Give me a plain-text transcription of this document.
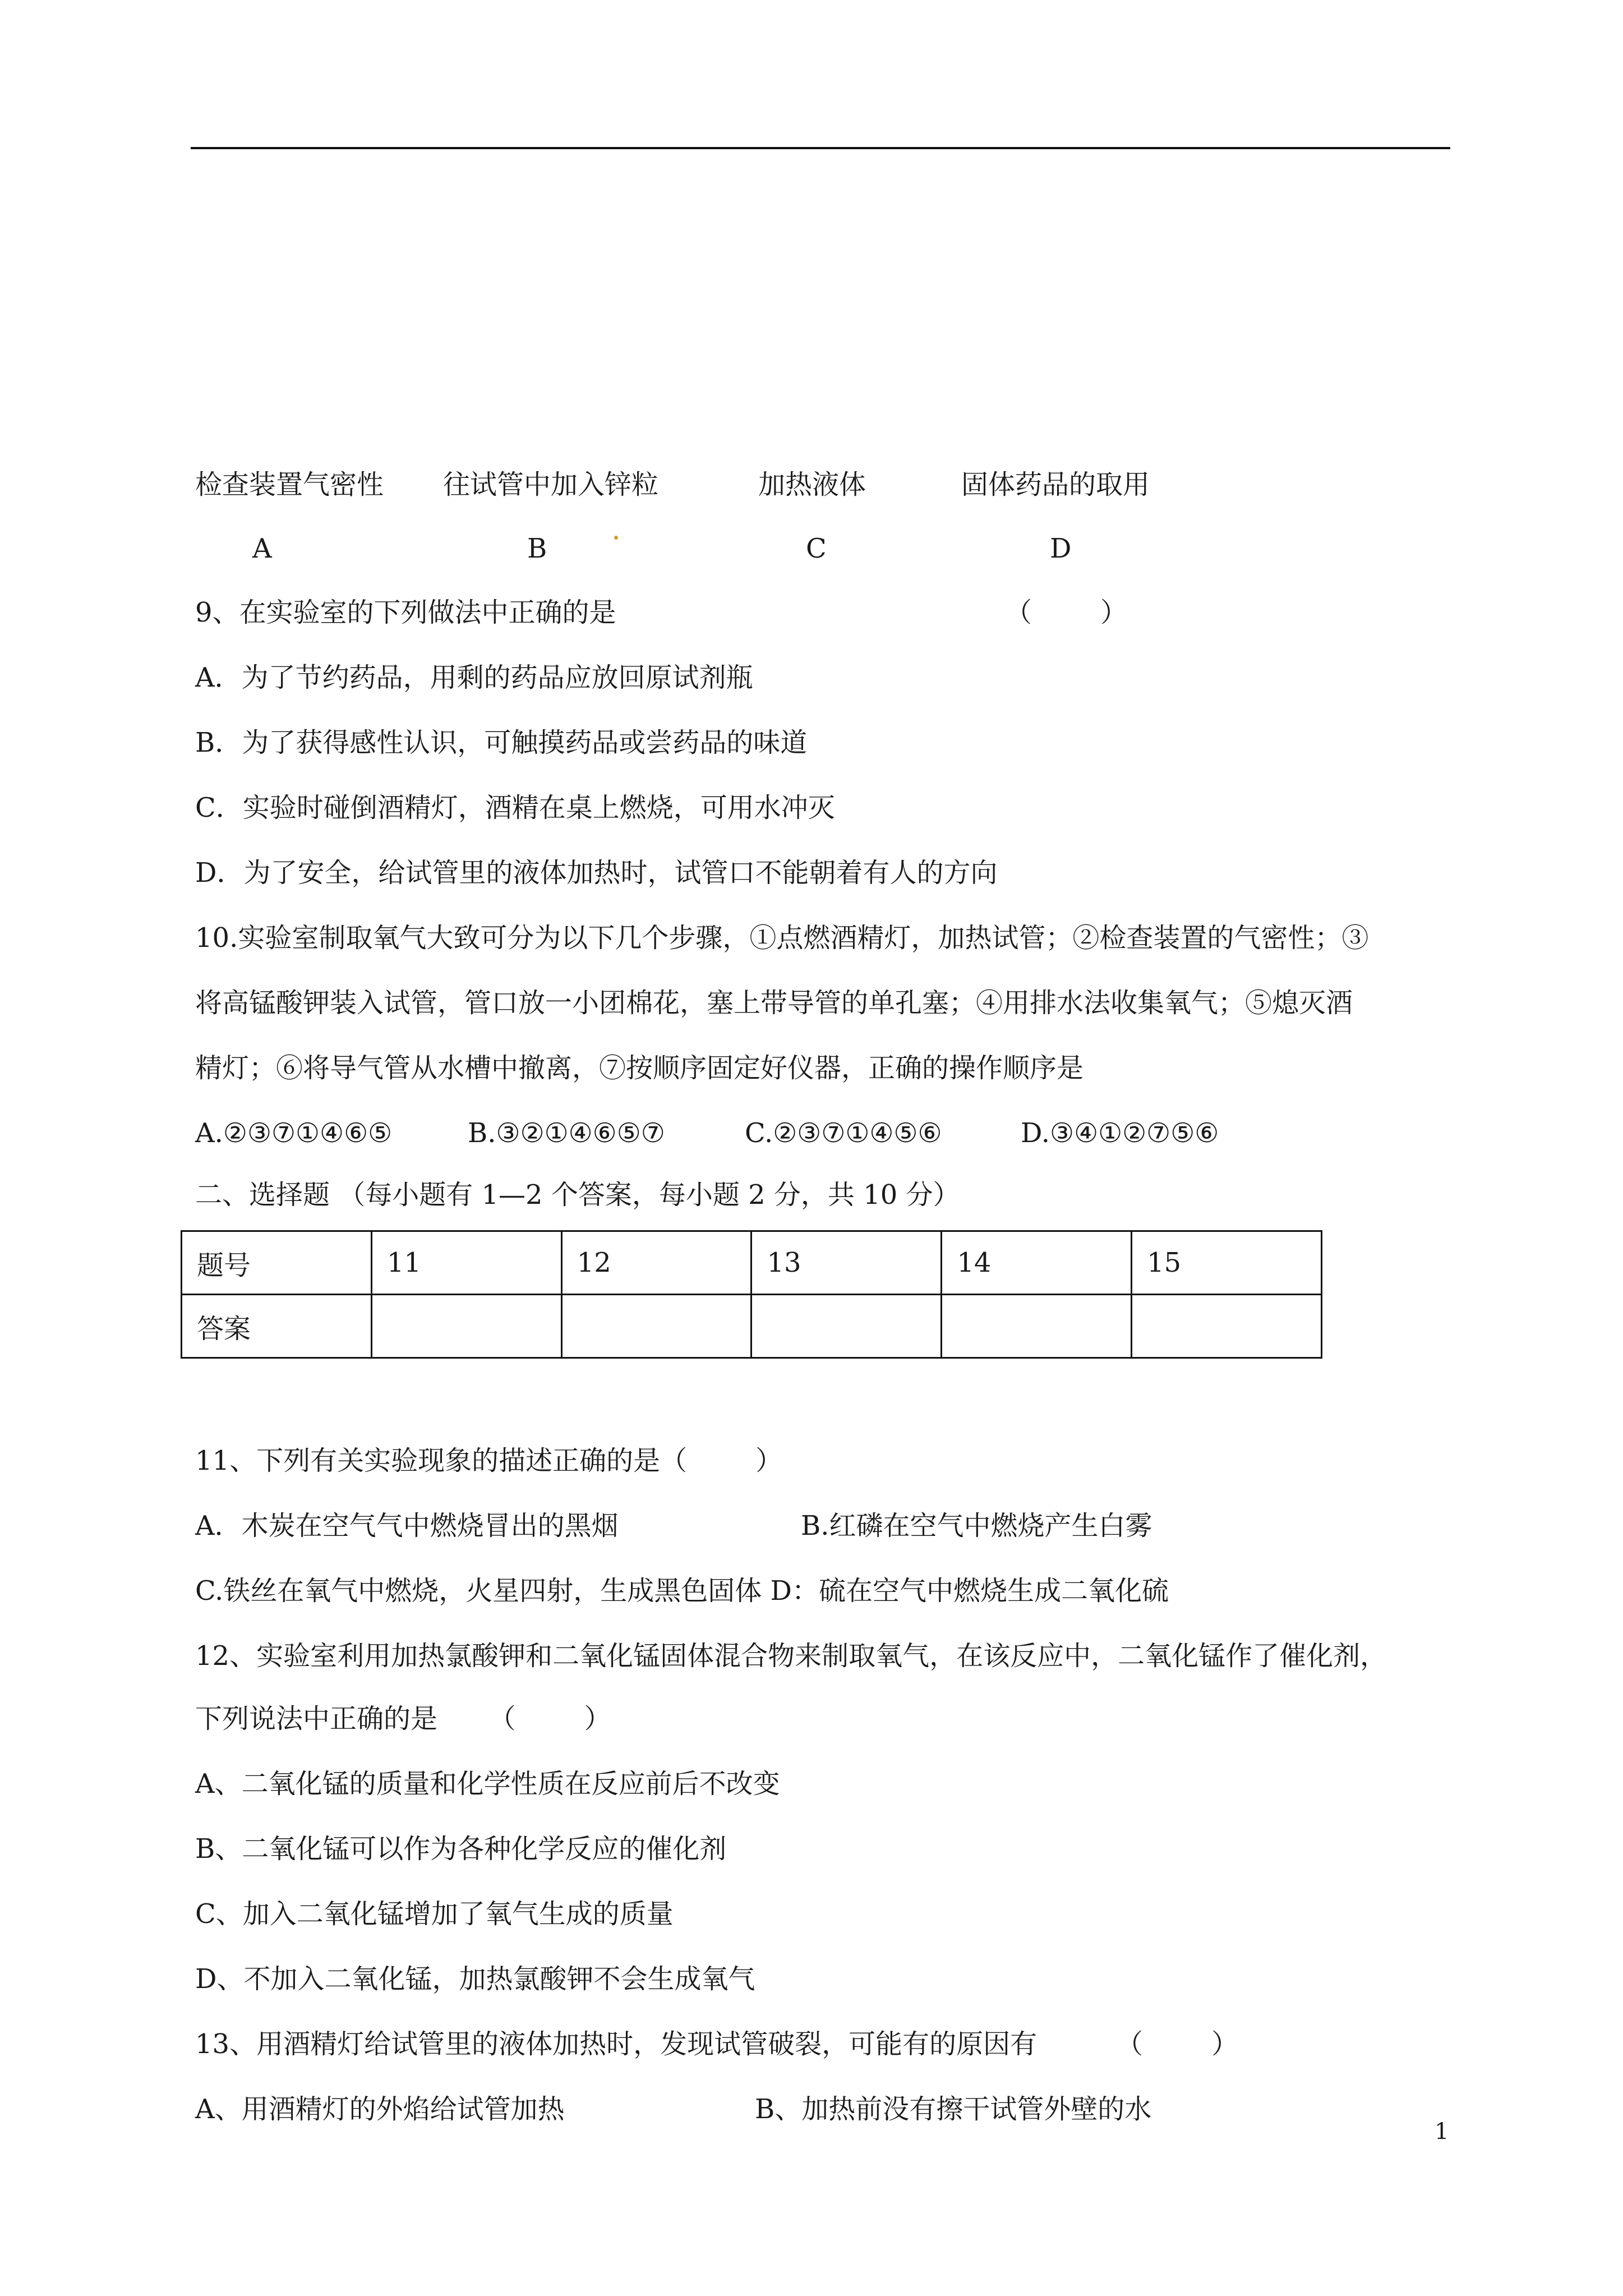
检查装置气密性 往试管中加入锌粒	加热液体	固体药品的取用
A	B	C	D
9、在实验室的下列做法中正确的是	（        ）
A．为了节约药品，用剩的药品应放回原试剂瓶
B．为了获得感性认识，可触摸药品或尝药品的味道
C．实验时碰倒酒精灯，酒精在桌上燃烧，可用水冲灭
D．为了安全，给试管里的液体加热时，试管口不能朝着有人的方向
10.实验室制取氧气大致可分为以下几个步骤，①点燃酒精灯，加热试管；②检查装置的气密性；③
将高锰酸钾装入试管，管口放一小团棉花，塞上带导管的单孔塞；④用排水法收集氧气；⑤熄灭酒
精灯；⑥将导气管从水槽中撤离，⑦按顺序固定好仪器，正确的操作顺序是
A.②③⑦①④⑥⑤	B.③②①④⑥⑤⑦	C.②③⑦①④⑤⑥	D.③④①②⑦⑤⑥
二、选择题 （每小题有 1—2 个答案，每小题 2 分，共 10 分）
题号	11	12	13	14	15
答案					
11、下列有关实验现象的描述正确的是（        ）
A．木炭在空气气中燃烧冒出的黑烟	B.红磷在空气中燃烧产生白雾
C.铁丝在氧气中燃烧，火星四射，生成黑色固体 D：硫在空气中燃烧生成二氧化硫
12、实验室利用加热氯酸钾和二氧化锰固体混合物来制取氧气，在该反应中，二氧化锰作了催化剂，
下列说法中正确的是      （        ）
A、二氧化锰的质量和化学性质在反应前后不改变
B、二氧化锰可以作为各种化学反应的催化剂
C、加入二氧化锰增加了氧气生成的质量
D、不加入二氧化锰，加热氯酸钾不会生成氧气
13、用酒精灯给试管里的液体加热时，发现试管破裂，可能有的原因有	（        ）
A、用酒精灯的外焰给试管加热	B、加热前没有擦干试管外壁的水
1
